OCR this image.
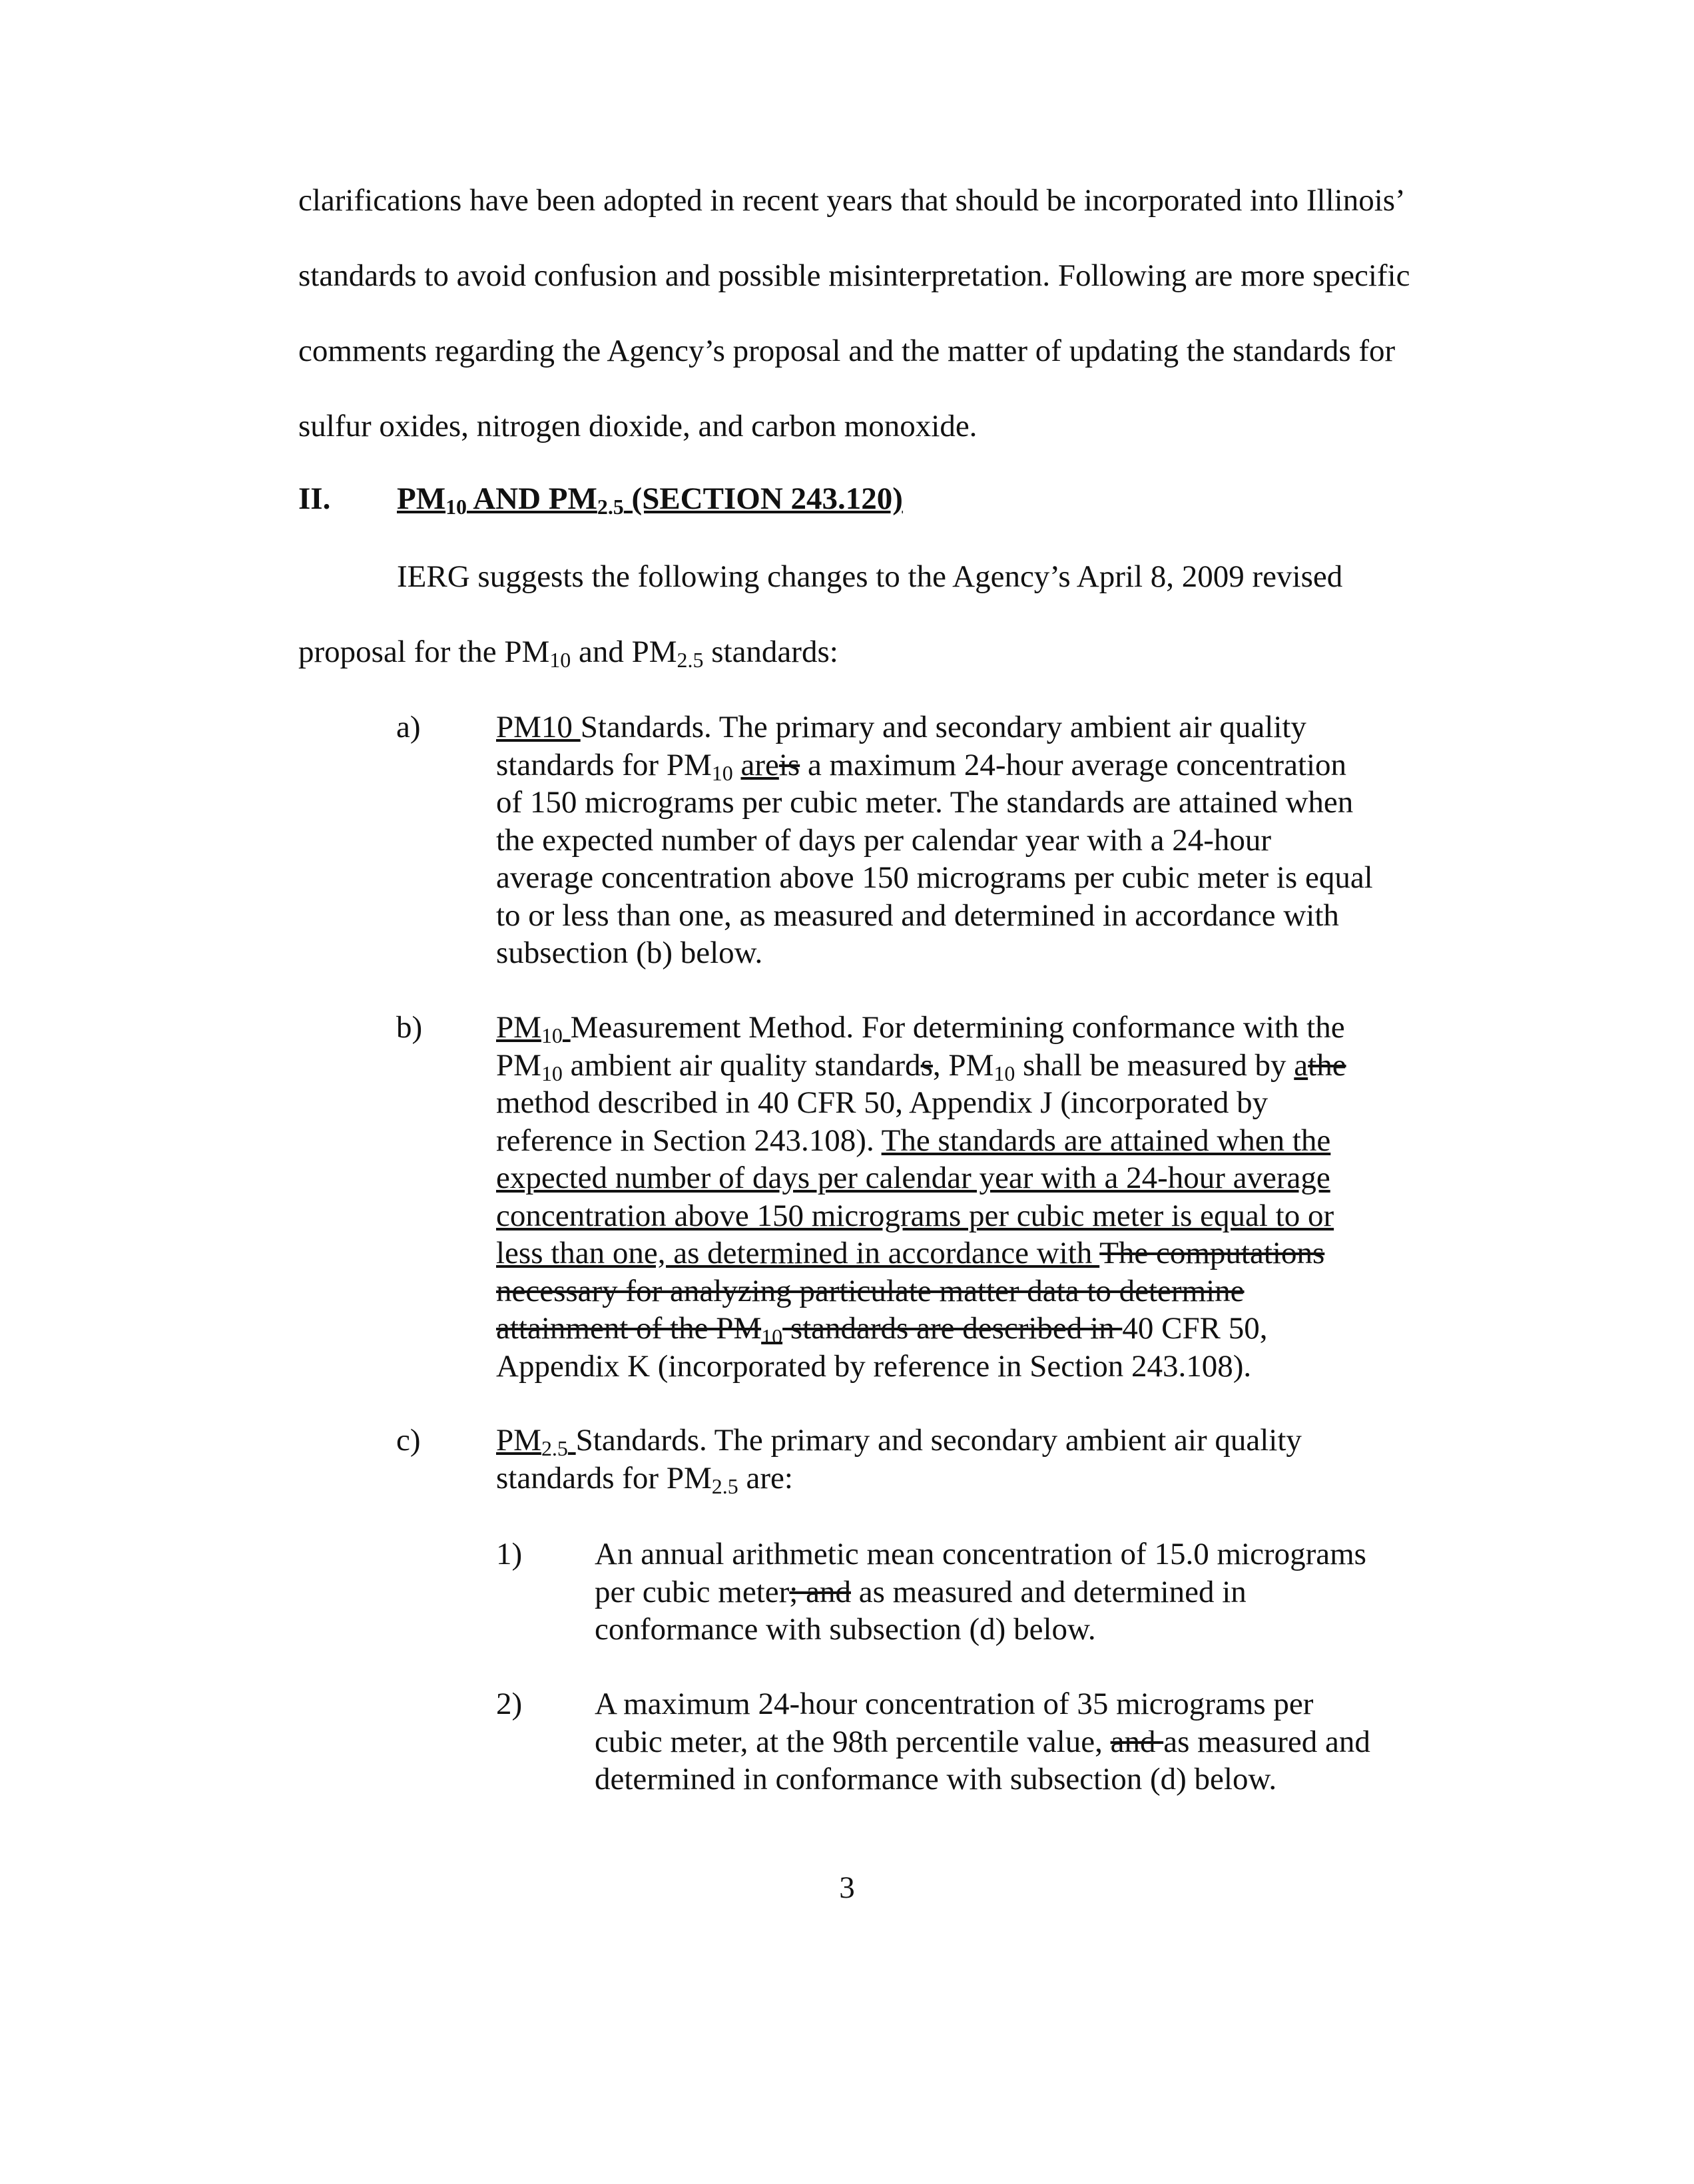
clarifications have been adopted in recent years that should be incorporated into Illinois’
standards to avoid confusion and possible misinterpretation. Following are more specific
comments regarding the Agency’s proposal and the matter of updating the standards for
sulfur oxides, nitrogen dioxide, and carbon monoxide.

II. $PM_{10}$ AND $PM_{2.5}$ (SECTION 243.120)

IERG suggests the following changes to the Agency’s April 8, 2009 revised proposal for the $PM_{10}$ and $PM_{2.5}$ standards:

a) PM10 Standards. The primary and secondary ambient air quality standards for $PM_{10}$ areis a maximum 24-hour average concentration of 150 micrograms per cubic meter. The standards are attained when the expected number of days per calendar year with a 24-hour average concentration above 150 micrograms per cubic meter is equal to or less than one, as measured and determined in accordance with subsection (b) below.

b) $PM_{10}$ Measurement Method. For determining conformance with the $PM_{10}$ ambient air quality standards, $PM_{10}$ shall be measured by athe method described in 40 CFR 50, Appendix J (incorporated by reference in Section 243.108). The standards are attained when the expected number of days per calendar year with a 24-hour average concentration above 150 micrograms per cubic meter is equal to or less than one, as determined in accordance with The computations necessary for analyzing particulate matter data to determine attainment of the $PM_{10}$ standards are described in 40 CFR 50, Appendix K (incorporated by reference in Section 243.108).

c) $PM_{2.5}$ Standards. The primary and secondary ambient air quality standards for $PM_{2.5}$ are:

1) An annual arithmetic mean concentration of 15.0 micrograms per cubic meter; and as measured and determined in conformance with subsection (d) below.

2) A maximum 24-hour concentration of 35 micrograms per cubic meter, at the 98th percentile value, and as measured and determined in conformance with subsection (d) below.

3
